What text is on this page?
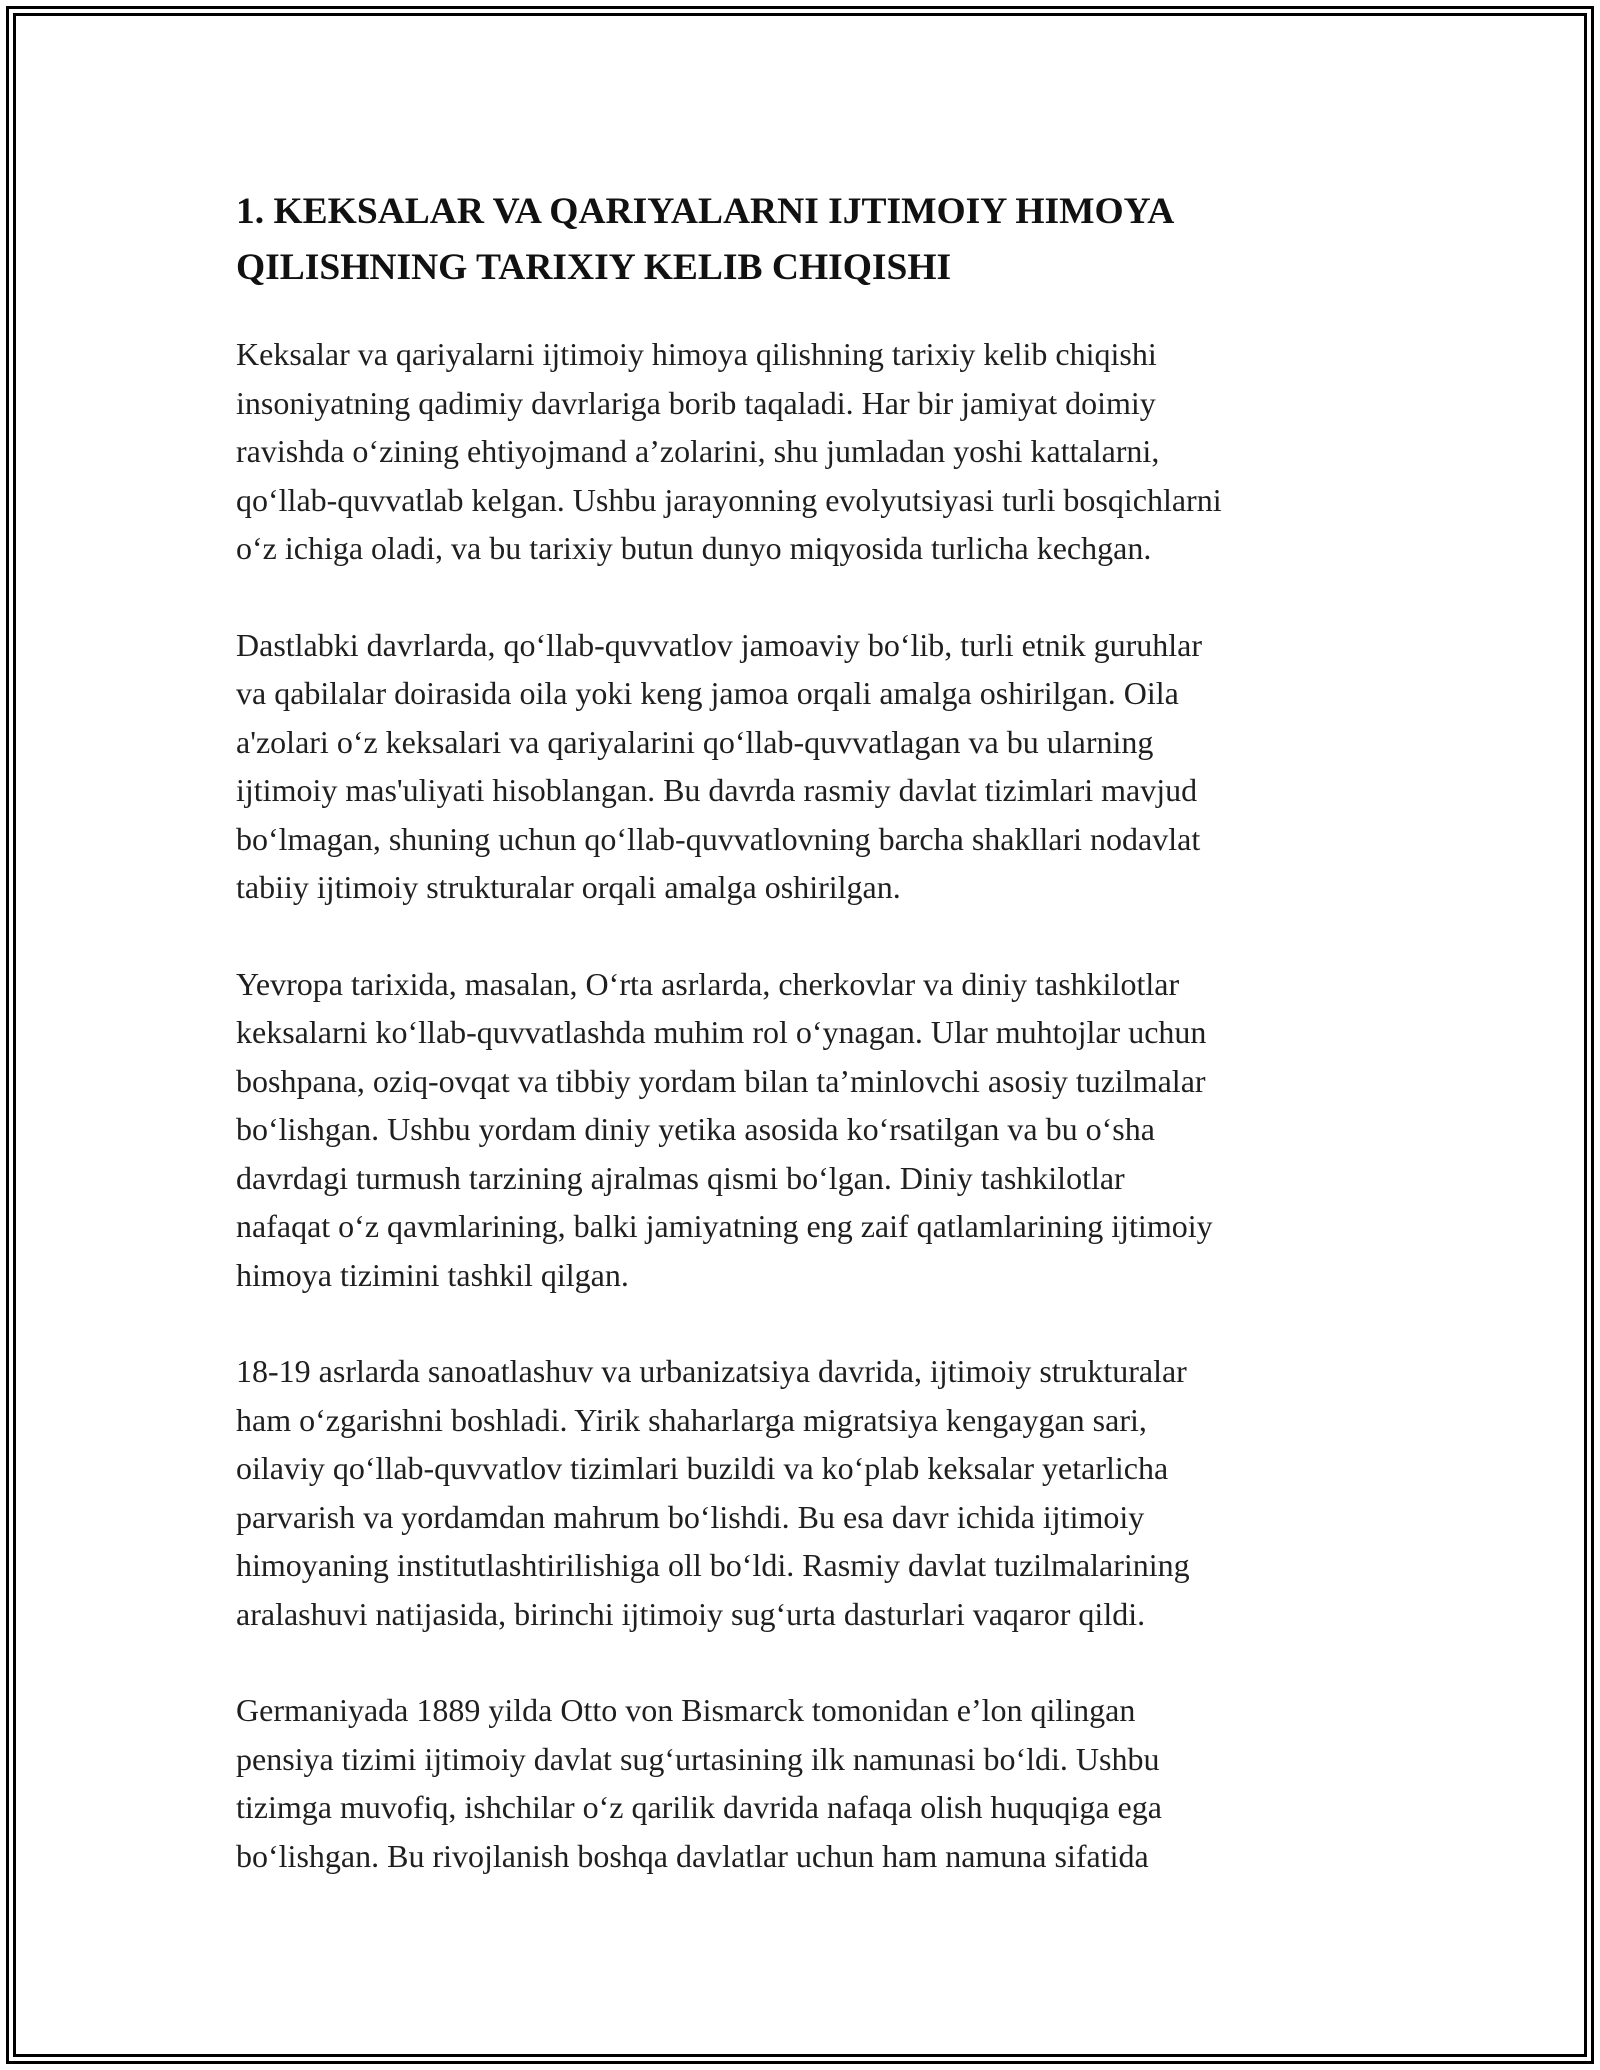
1. KEKSALAR VA QARIYALARNI IJTIMOIY HIMOYA
QILISHNING TARIXIY KELIB CHIQISHI

Keksalar va qariyalarni ijtimoiy himoya qilishning tarixiy kelib chiqishi
insoniyatning qadimiy davrlariga borib taqaladi. Har bir jamiyat doimiy
ravishda o‘zining ehtiyojmand a’zolarini, shu jumladan yoshi kattalarni,
qo‘llab-quvvatlab kelgan. Ushbu jarayonning evolyutsiyasi turli bosqichlarni
o‘z ichiga oladi, va bu tarixiy butun dunyo miqyosida turlicha kechgan.

Dastlabki davrlarda, qo‘llab-quvvatlov jamoaviy bo‘lib, turli etnik guruhlar
va qabilalar doirasida oila yoki keng jamoa orqali amalga oshirilgan. Oila
a'zolari o‘z keksalari va qariyalarini qo‘llab-quvvatlagan va bu ularning
ijtimoiy mas'uliyati hisoblangan. Bu davrda rasmiy davlat tizimlari mavjud
bo‘lmagan, shuning uchun qo‘llab-quvvatlovning barcha shakllari nodavlat
tabiiy ijtimoiy strukturalar orqali amalga oshirilgan.

Yevropa tarixida, masalan, O‘rta asrlarda, cherkovlar va diniy tashkilotlar
keksalarni ko‘llab-quvvatlashda muhim rol o‘ynagan. Ular muhtojlar uchun
boshpana, oziq-ovqat va tibbiy yordam bilan ta’minlovchi asosiy tuzilmalar
bo‘lishgan. Ushbu yordam diniy yetika asosida ko‘rsatilgan va bu o‘sha
davrdagi turmush tarzining ajralmas qismi bo‘lgan. Diniy tashkilotlar
nafaqat o‘z qavmlarining, balki jamiyatning eng zaif qatlamlarining ijtimoiy
himoya tizimini tashkil qilgan.

18-19 asrlarda sanoatlashuv va urbanizatsiya davrida, ijtimoiy strukturalar
ham o‘zgarishni boshladi. Yirik shaharlarga migratsiya kengaygan sari,
oilaviy qo‘llab-quvvatlov tizimlari buzildi va ko‘plab keksalar yetarlicha
parvarish va yordamdan mahrum bo‘lishdi. Bu esa davr ichida ijtimoiy
himoyaning institutlashtirilishiga oll bo‘ldi. Rasmiy davlat tuzilmalarining
aralashuvi natijasida, birinchi ijtimoiy sug‘urta dasturlari vaqaror qildi.

Germaniyada 1889 yilda Otto von Bismarck tomonidan e’lon qilingan
pensiya tizimi ijtimoiy davlat sug‘urtasining ilk namunasi bo‘ldi. Ushbu
tizimga muvofiq, ishchilar o‘z qarilik davrida nafaqa olish huquqiga ega
bo‘lishgan. Bu rivojlanish boshqa davlatlar uchun ham namuna sifatida
